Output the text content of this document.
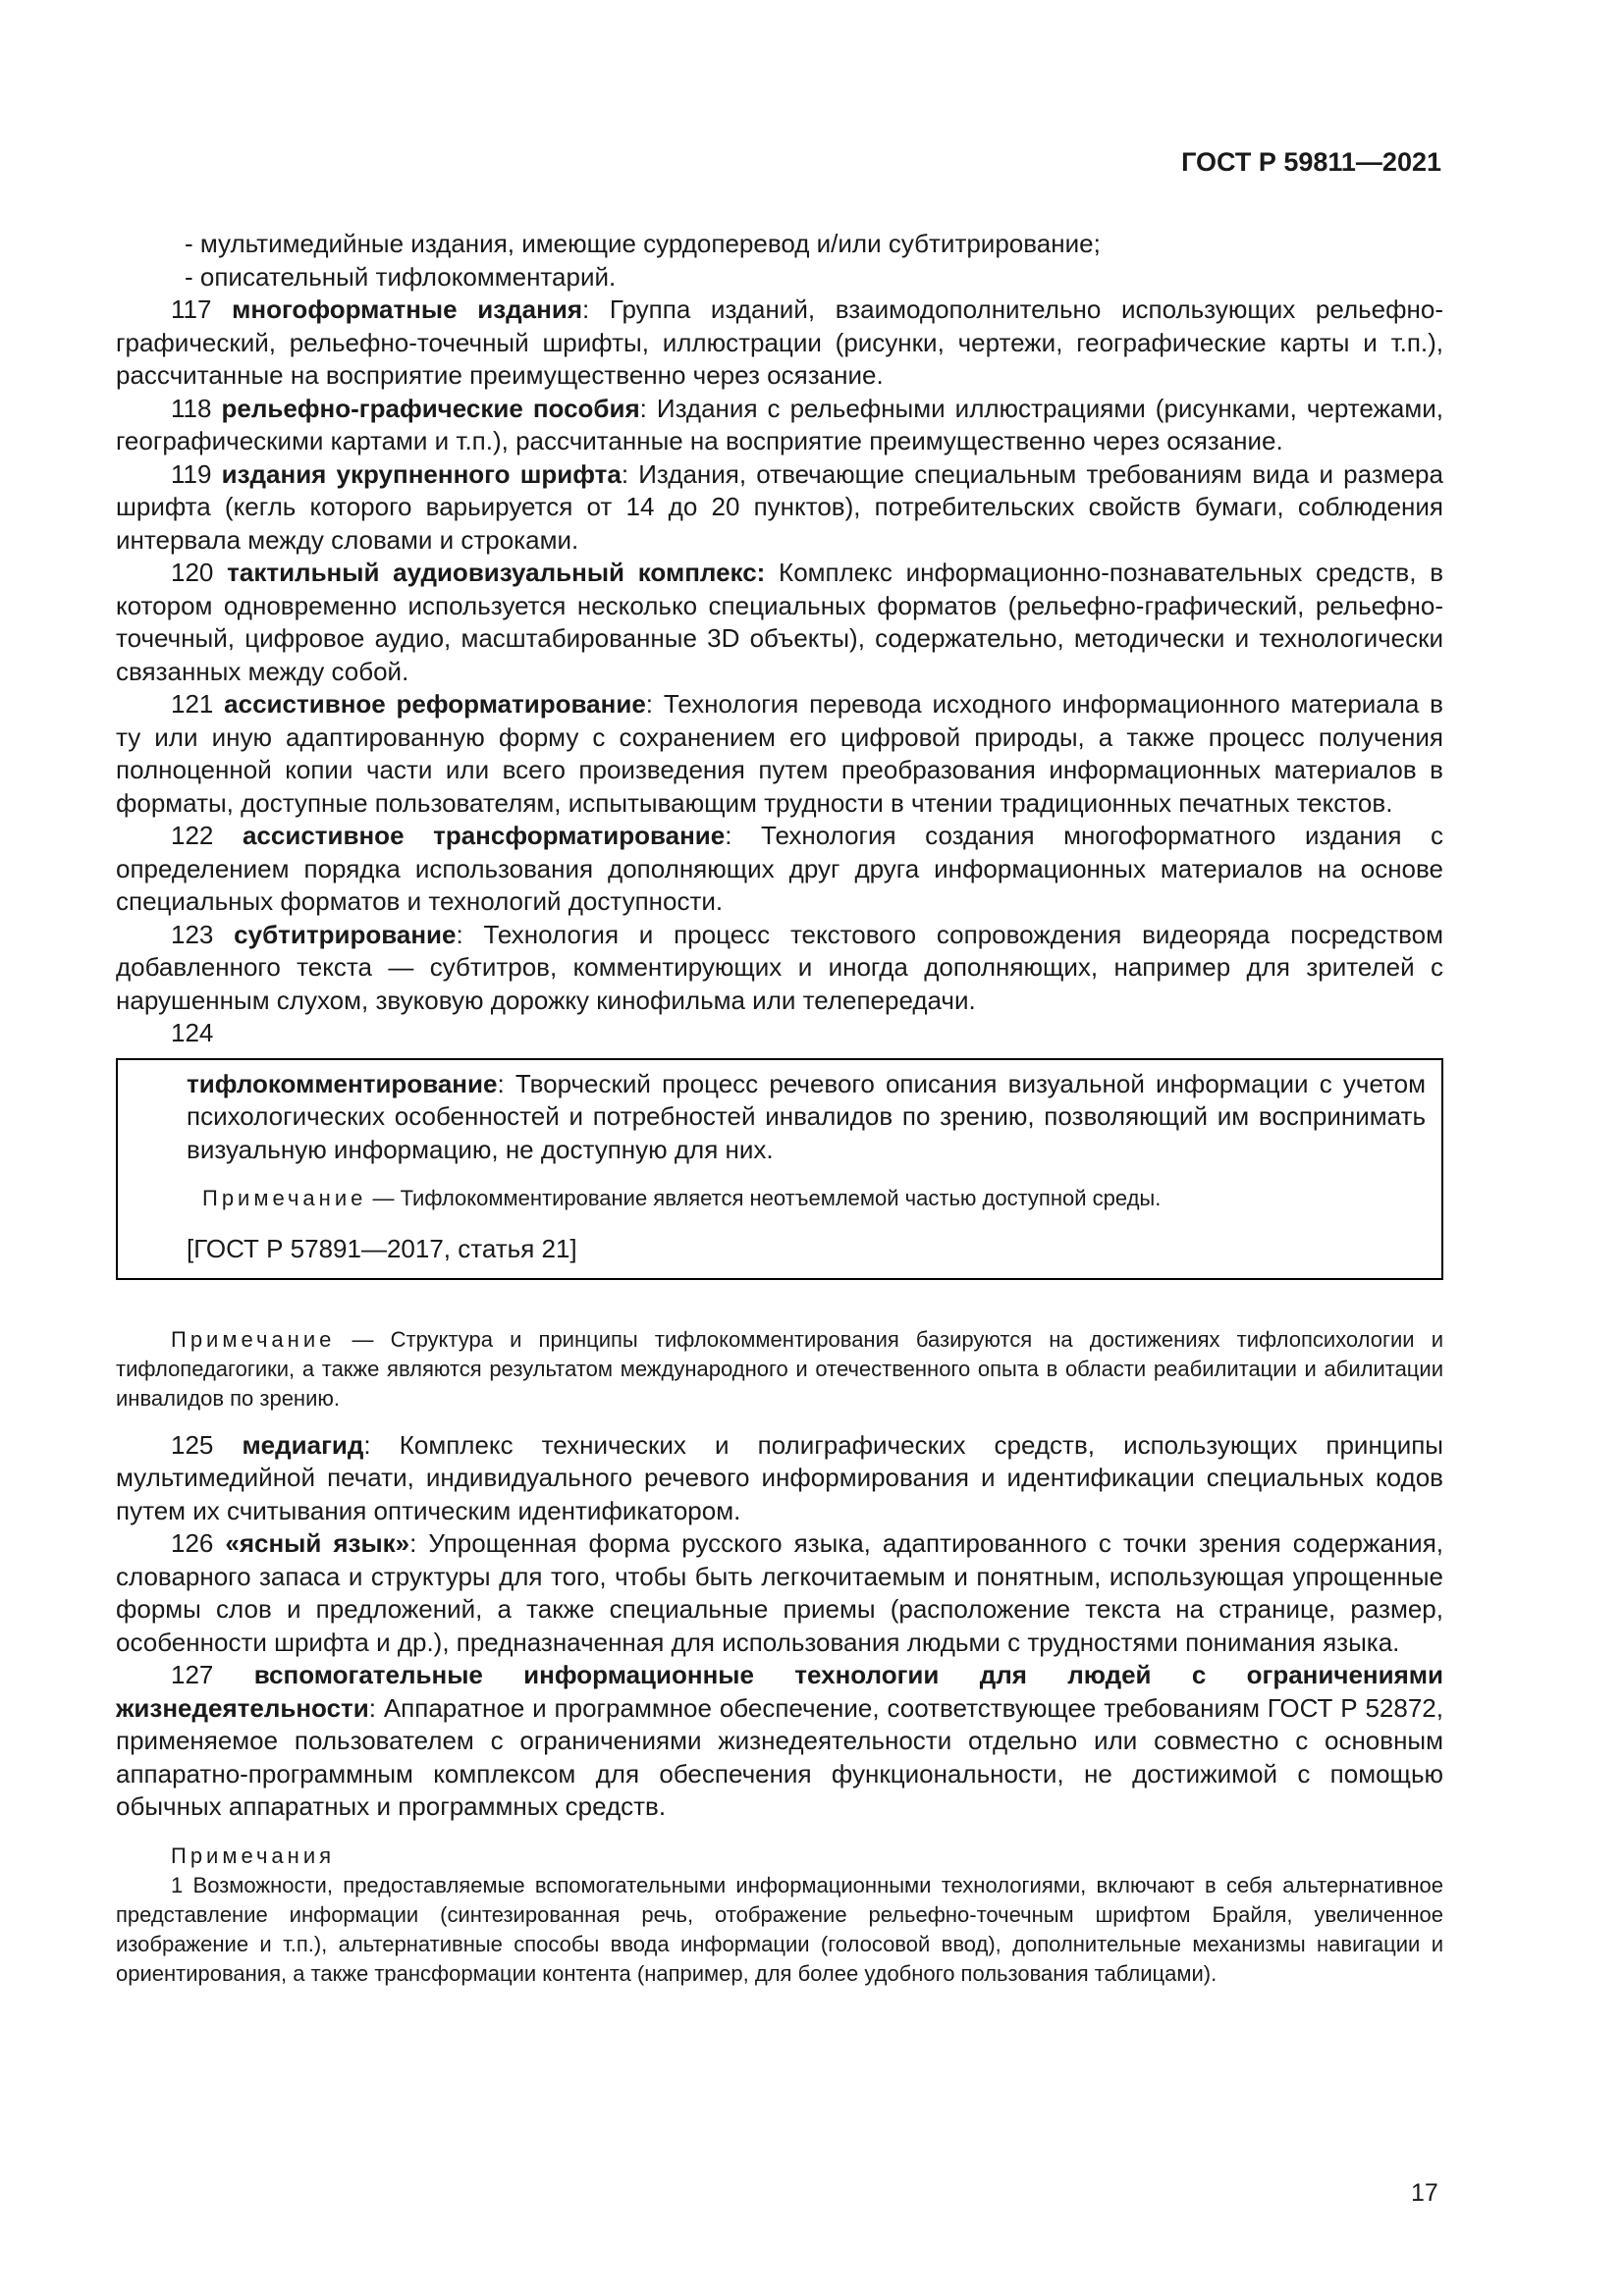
ГОСТ Р 59811—2021

- мультимедийные издания, имеющие сурдоперевод и/или субтитрирование;

- описательный тифлокомментарий.

117 многоформатные издания: Группа изданий, взаимодополнительно использующих рельефно-графический, рельефно-точечный шрифты, иллюстрации (рисунки, чертежи, географические карты и т.п.), рассчитанные на восприятие преимущественно через осязание.

118 рельефно-графические пособия: Издания с рельефными иллюстрациями (рисунками, чертежами, географическими картами и т.п.), рассчитанные на восприятие преимущественно через осязание.

119 издания укрупненного шрифта: Издания, отвечающие специальным требованиям вида и размера шрифта (кегль которого варьируется от 14 до 20 пунктов), потребительских свойств бумаги, соблюдения интервала между словами и строками.

120 тактильный аудиовизуальный комплекс: Комплекс информационно-познавательных средств, в котором одновременно используется несколько специальных форматов (рельефно-графический, рельефно-точечный, цифровое аудио, масштабированные 3D объекты), содержательно, методически и технологически связанных между собой.

121 ассистивное реформатирование: Технология перевода исходного информационного материала в ту или иную адаптированную форму с сохранением его цифровой природы, а также процесс получения полноценной копии части или всего произведения путем преобразования информационных материалов в форматы, доступные пользователям, испытывающим трудности в чтении традиционных печатных текстов.

122 ассистивное трансформатирование: Технология создания многоформатного издания с определением порядка использования дополняющих друг друга информационных материалов на основе специальных форматов и технологий доступности.

123 субтитрирование: Технология и процесс текстового сопровождения видеоряда посредством добавленного текста — субтитров, комментирующих и иногда дополняющих, например для зрителей с нарушенным слухом, звуковую дорожку кинофильма или телепередачи.

124

тифлокомментирование: Творческий процесс речевого описания визуальной информации с учетом психологических особенностей и потребностей инвалидов по зрению, позволяющий им воспринимать визуальную информацию, не доступную для них.

Примечание — Тифлокомментирование является неотъемлемой частью доступной среды.

[ГОСТ Р 57891—2017, статья 21]

Примечание — Структура и принципы тифлокомментирования базируются на достижениях тифлопсихологии и тифлопедагогики, а также являются результатом международного и отечественного опыта в области реабилитации и абилитации инвалидов по зрению.

125 медиагид: Комплекс технических и полиграфических средств, использующих принципы мультимедийной печати, индивидуального речевого информирования и идентификации специальных кодов путем их считывания оптическим идентификатором.

126 «ясный язык»: Упрощенная форма русского языка, адаптированного с точки зрения содержания, словарного запаса и структуры для того, чтобы быть легкочитаемым и понятным, использующая упрощенные формы слов и предложений, а также специальные приемы (расположение текста на странице, размер, особенности шрифта и др.), предназначенная для использования людьми с трудностями понимания языка.

127 вспомогательные информационные технологии для людей с ограничениями жизнедеятельности: Аппаратное и программное обеспечение, соответствующее требованиям ГОСТ Р 52872, применяемое пользователем с ограничениями жизнедеятельности отдельно или совместно с основным аппаратно-программным комплексом для обеспечения функциональности, не достижимой с помощью обычных аппаратных и программных средств.

Примечания

1 Возможности, предоставляемые вспомогательными информационными технологиями, включают в себя альтернативное представление информации (синтезированная речь, отображение рельефно-точечным шрифтом Брайля, увеличенное изображение и т.п.), альтернативные способы ввода информации (голосовой ввод), дополнительные механизмы навигации и ориентирования, а также трансформации контента (например, для более удобного пользования таблицами).

17
